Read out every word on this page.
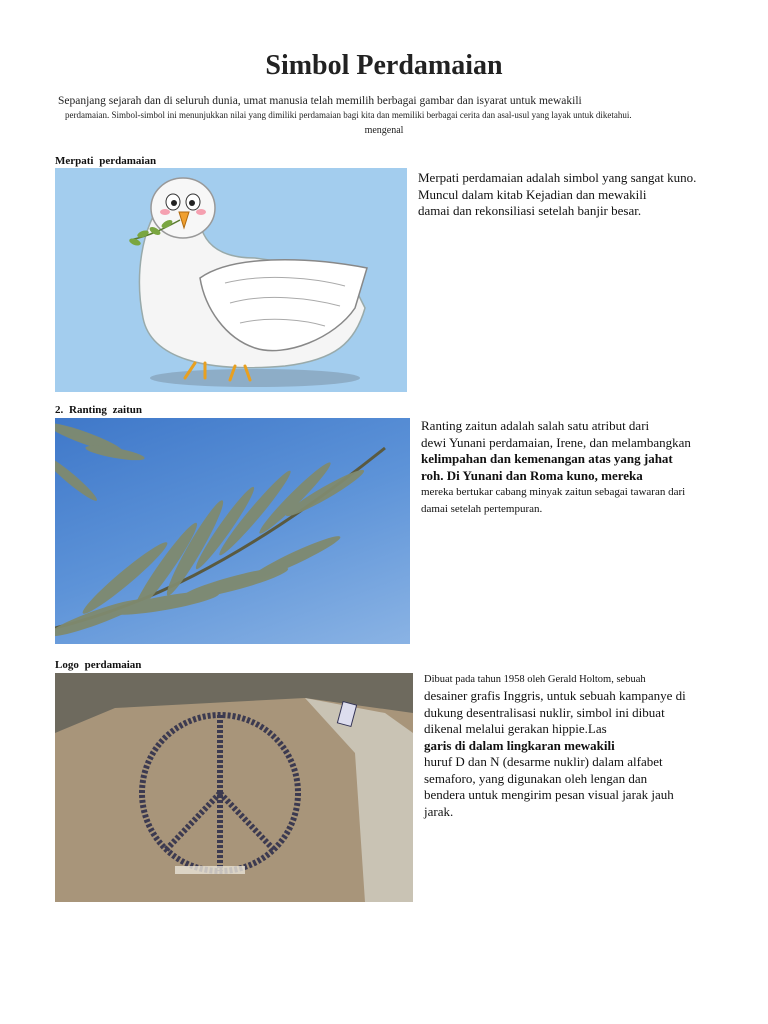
Simbol Perdamaian
Sepanjang sejarah dan di seluruh dunia, umat manusia telah memilih berbagai gambar dan isyarat untuk mewakili
perdamaian. Simbol-simbol ini menunjukkan nilai yang dimiliki perdamaian bagi kita dan memiliki berbagai cerita dan asal-usul yang layak untuk diketahui.
mengenal
Merpati perdamaian
Merpati perdamaian adalah simbol yang sangat kuno.
Muncul dalam kitab Kejadian dan mewakili
damai dan rekonsiliasi setelah banjir besar.
2. Ranting zaitun
Ranting zaitun adalah salah satu atribut dari
dewi Yunani perdamaian, Irene, dan melambangkan
kelimpahan dan kemenangan atas yang jahat
roh. Di Yunani dan Roma kuno, mereka
mereka bertukar cabang minyak zaitun sebagai tawaran dari
damai setelah pertempuran.
Logo perdamaian
Dibuat pada tahun 1958 oleh Gerald Holtom, sebuah
desainer grafis Inggris, untuk sebuah kampanye di
dukung desentralisasi nuklir, simbol ini dibuat
dikenal melalui gerakan hippie.Las
garis di dalam lingkaran mewakili
huruf D dan N (desarme nuklir) dalam alfabet
semaforo, yang digunakan oleh lengan dan
bendera untuk mengirim pesan visual jarak jauh
jarak.
